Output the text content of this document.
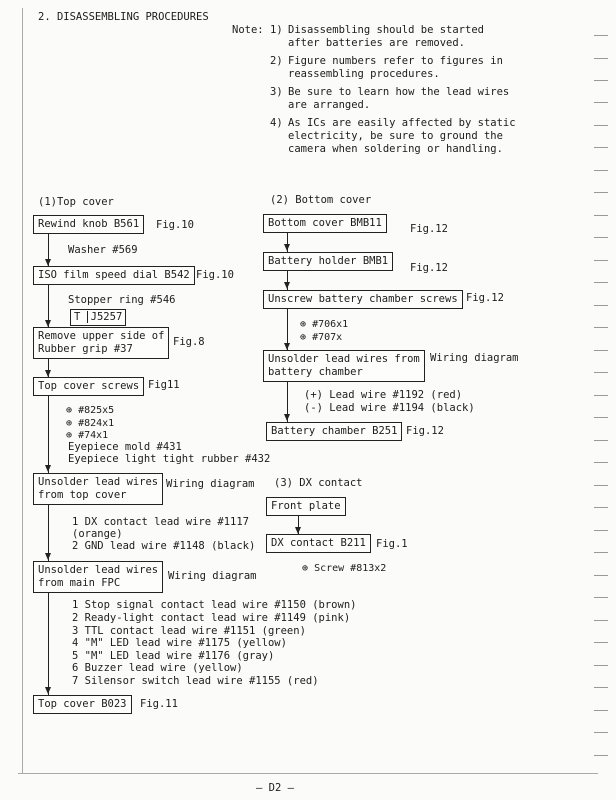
2. DISASSEMBLING PROCEDURES
Note: 1) Disassembling should be started
after batteries are removed.
2) Figure numbers refer to figures in
reassembling procedures.
3) Be sure to learn how the lead wires
are arranged.
4) As ICs are easily affected by static
electricity, be sure to ground the
camera when soldering or handling.
(1)Top cover
Rewind knob B561	Fig.10
Washer #569
ISO film speed dial B542 Fig.10
Stopper ring #546
T J5257
Remove upper side of
Rubber grip #37
Fig.8
Top cover screws Fig11
⊕ #825x5
⊕ #824x1
⊕ #74x1
Eyepiece mold #431
Eyepiece light tight rubber #432
Unsolder lead wires
from top cover
Wiring diagram
1 DX contact lead wire #1117
(orange)
2 GND lead wire #1148 (black)
Unsolder lead wires
from main FPC
Wiring diagram
1 Stop signal contact lead wire #1150 (brown)
2 Ready-light contact lead wire #1149 (pink)
3 TTL contact lead wire #1151 (green)
4 "M" LED lead wire #1175 (yellow)
5 "M" LED lead wire #1176 (gray)
6 Buzzer lead wire (yellow)
7 Silensor switch lead wire #1155 (red)
Top cover B023	Fig.11
(2) Bottom cover
Bottom cover BMB11	Fig.12
Battery holder BMB1
Fig.12
Unscrew battery chamber screws Fig.12
⊕ #706x1
⊕ #707x
Unsolder lead wires from
battery chamber
Wiring diagram
(+) Lead wire #1192 (red)
(-) Lead wire #1194 (black)
Battery chamber B251 Fig.12
(3) DX contact
Front plate
DX contact B211 Fig.1
⊕ Screw #813x2
— D2 —
